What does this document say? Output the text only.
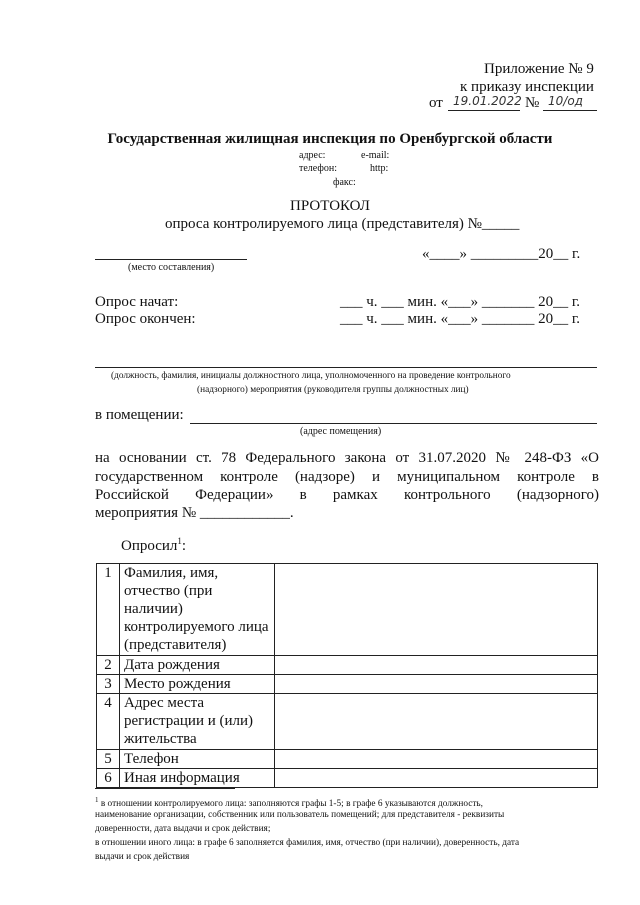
Приложение № 9
к приказу инспекции
от 19.01.2022 № 10/од
Государственная жилищная инспекция по Оренбургской области
адрес:	e-mail:
телефон:	http:
факс:
ПРОТОКОЛ
опроса контролируемого лица (представителя) №_____
(место составления)
«____» _________20__ г.
Опрос начат:	___ ч. ___ мин. «___» _______ 20__ г.
Опрос окончен:	___ ч. ___ мин. «___» _______ 20__ г.
(должность, фамилия, инициалы должностного лица, уполномоченного на проведение контрольного
(надзорного) мероприятия (руководителя группы должностных лиц)
в помещении:
(адрес помещения)
на основании ст. 78 Федерального закона от 31.07.2020 № 248-ФЗ «О
государственном контроле (надзоре) и муниципальном контроле в
Российской Федерации» в рамках контрольного (надзорного)
мероприятия № ____________.
Опросил$^1$:
1	Фамилия, имя, отчество (при наличии) контролируемого лица (представителя)	
2	Дата рождения	
3	Место рождения	
4	Адрес места регистрации и (или) жительства	
5	Телефон	
6	Иная информация	
$^1$ в отношении контролируемого лица: заполняются графы 1-5; в графе 6 указываются должность,
наименование организации, собственник или пользователь помещений; для представителя - реквизиты
доверенности, дата выдачи и срок действия;
в отношении иного лица: в графе 6 заполняется фамилия, имя, отчество (при наличии), доверенность, дата
выдачи и срок действия
